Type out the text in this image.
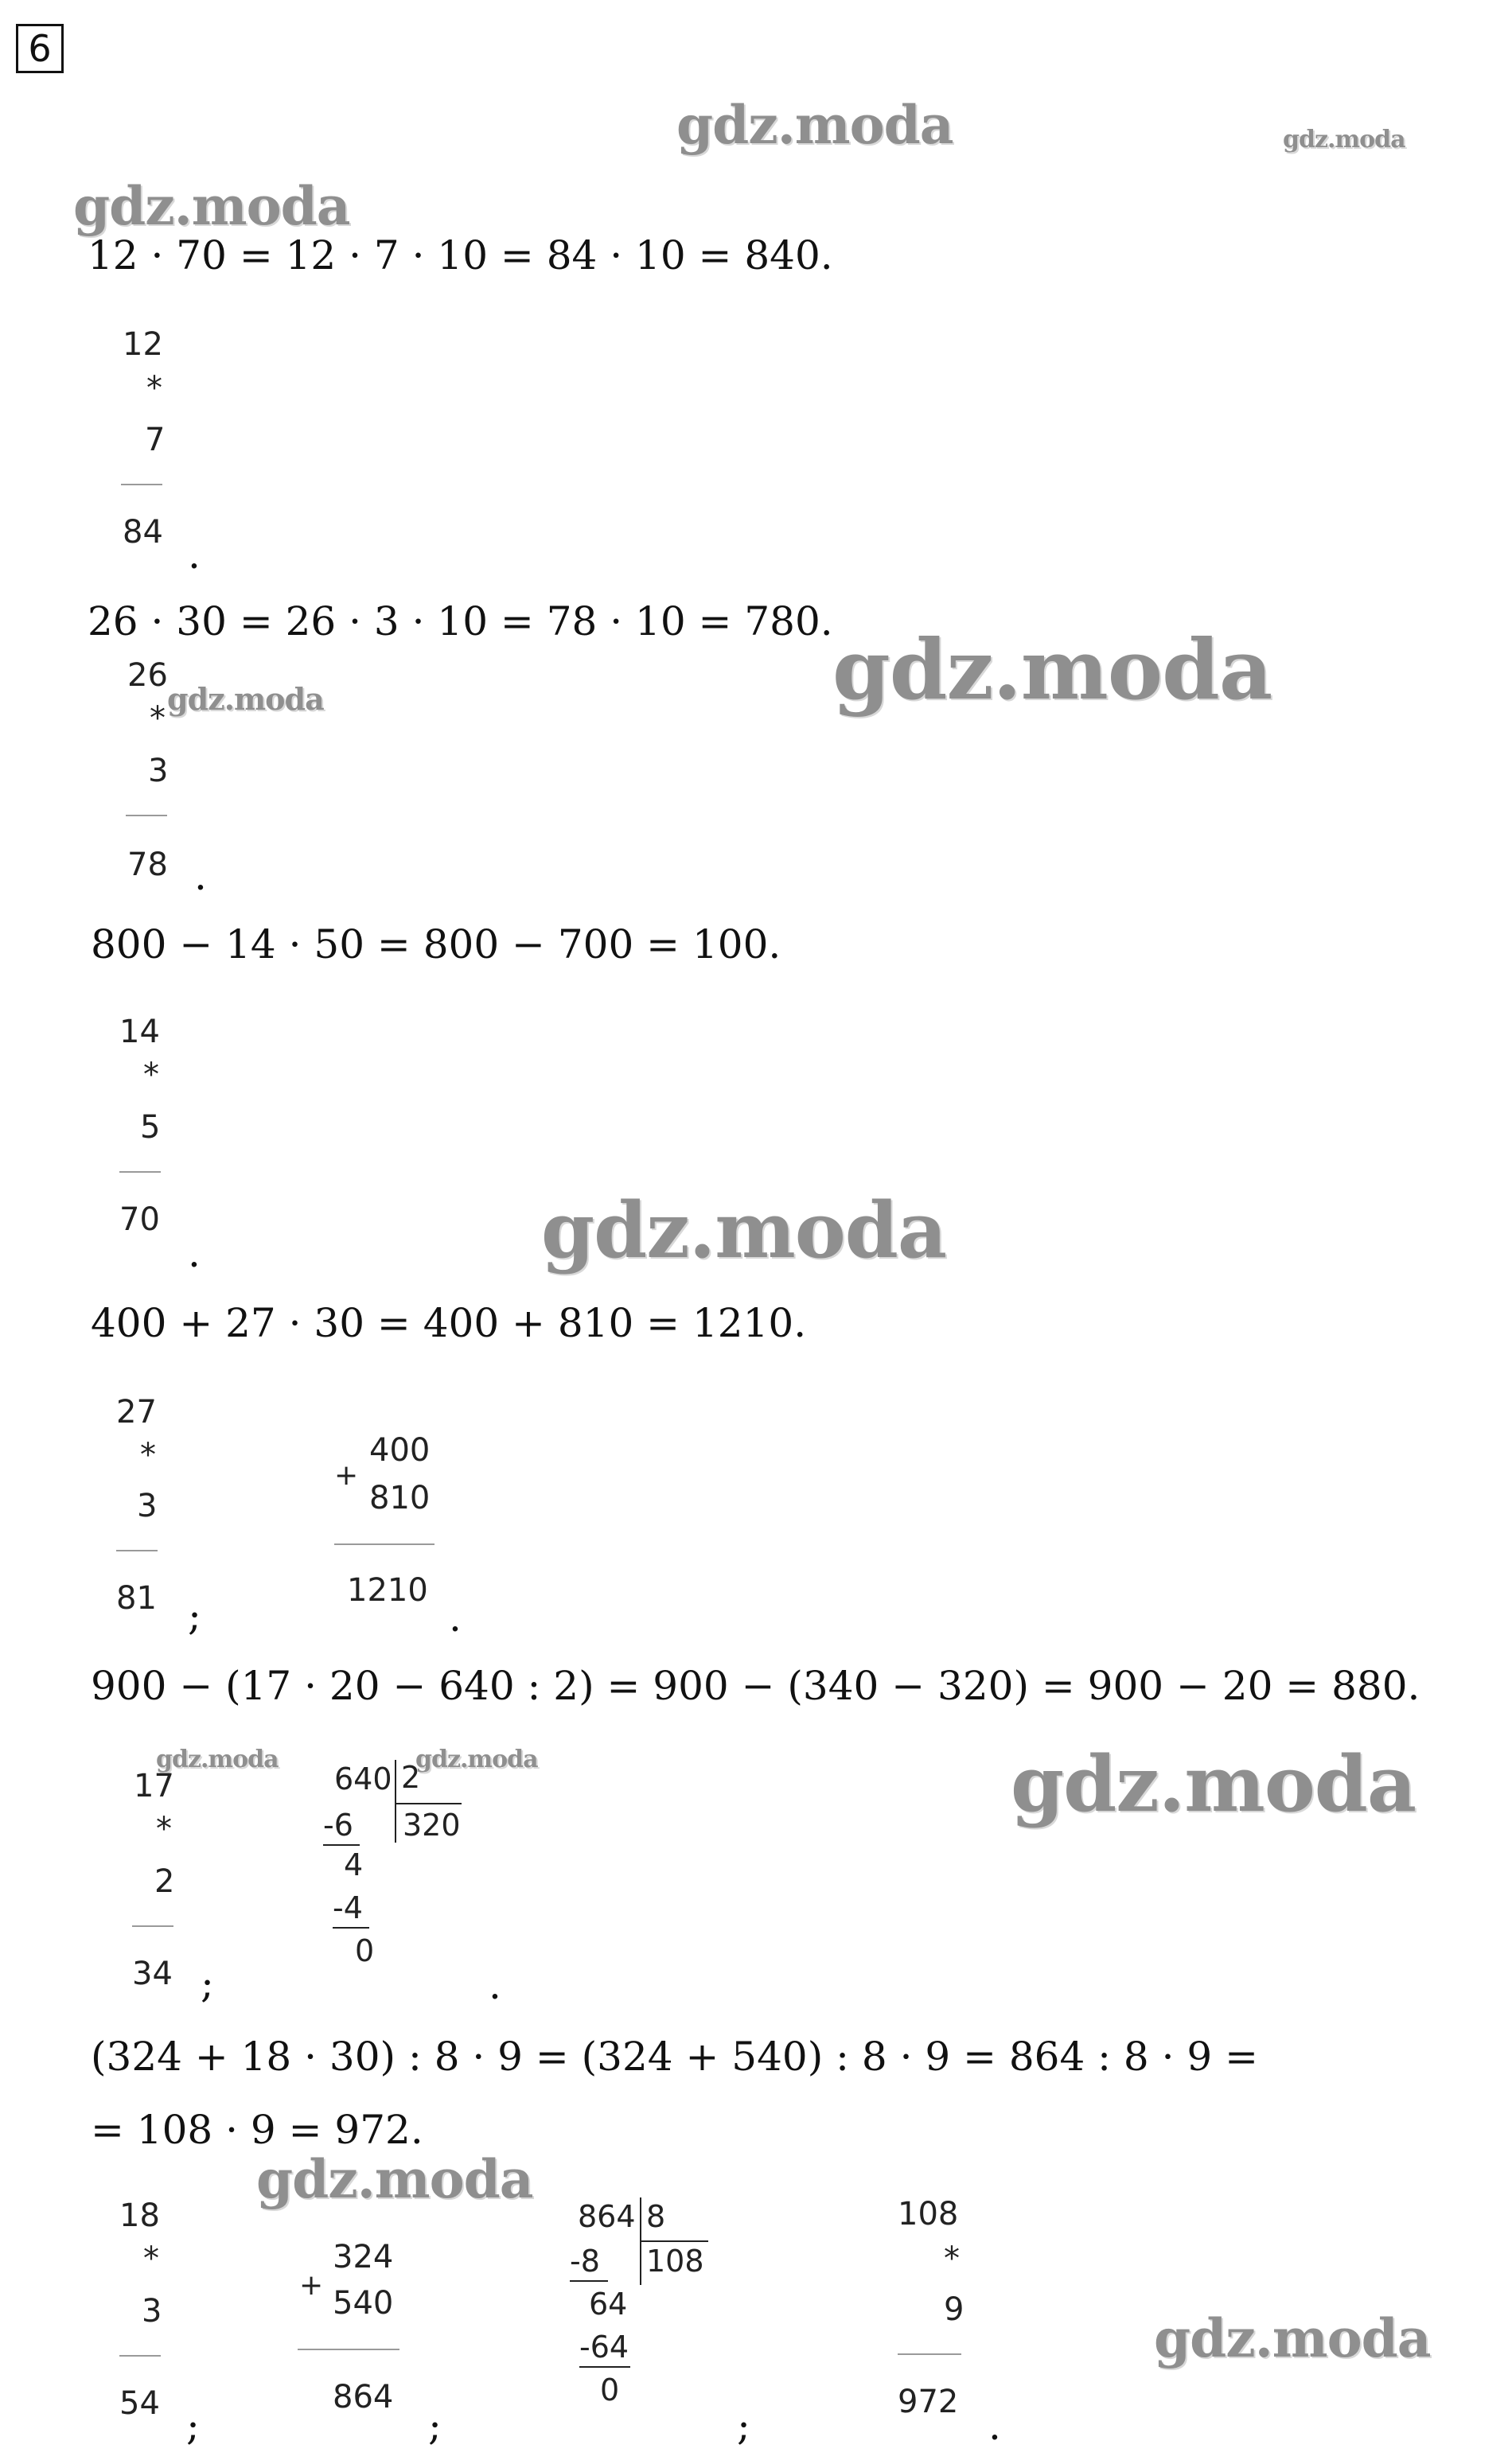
6
gdz.moda	gdz.moda
gdz.moda
gdz.moda
gdz.moda
gdz.moda
gdz.moda	gdz.moda	gdz.moda
gdz.moda
gdz.moda
12 · 70 = 12 · 7 · 10 = 84 · 10 = 840.
12
*
7
84 .
26 · 30 = 26 · 3 · 10 = 78 · 10 = 780.
26
*
3
78 .
800 − 14 · 50 = 800 − 700 = 100.
14
*
5
70
.
400 + 27 · 30 = 400 + 810 = 1210.
27
*
3
81 ;
+
400
810
1210
.
900 − (17 · 20 − 640 : 2) = 900 − (340 − 320) = 900 − 20 = 880.
17
*
2
34 ;
640 2
320
-6
4
-4
0
.
(324 + 18 · 30) : 8 · 9 = (324 + 540) : 8 · 9 = 864 : 8 · 9 =
= 108 · 9 = 972.
18
*
3
54 ;
+
324
540
864
;
864 8
108
-8
64
-64
0
;
108
*
9
972
.
